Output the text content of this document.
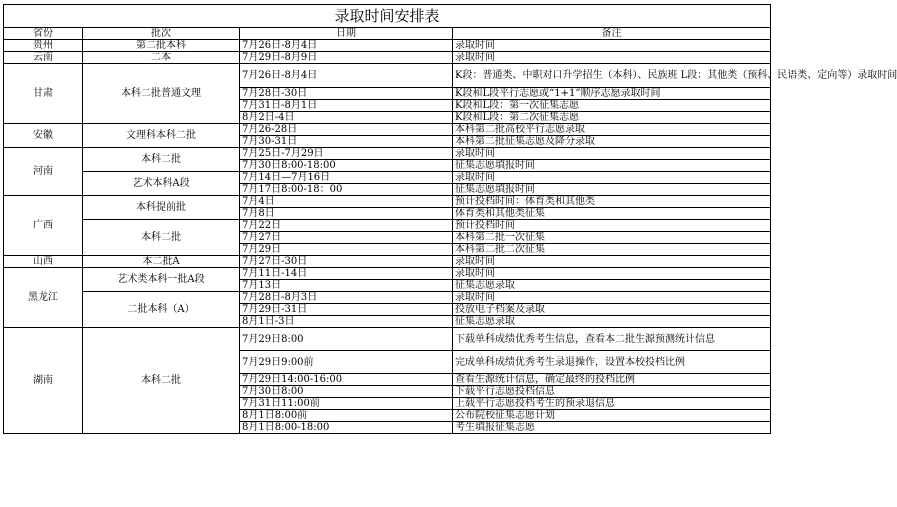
录取时间安排表			
省份	批次	日期	备注
贵州	第二批本科	7月26日-8月4日	录取时间
云南	二本	7月29日-8月9日	录取时间
甘肃	本科二批普通文理	7月26日-8月4日	K段：普通类、中职对口升学招生（本科）、民族班 L段：其他类（预科、民语类、定向等）录取时间
		7月28日-30日	K段和L段平行志愿或“1+1”顺序志愿录取时间
		7月31日-8月1日	K段和L段：第一次征集志愿
		8月2日-4日	K段和L段：第二次征集志愿
安徽	文理科本科二批	7月26-28日	本科第二批高校平行志愿录取
		7月30-31日	本科第二批征集志愿及降分录取
河南	本科二批	7月25日-7月29日	录取时间
		7月30日8:00-18:00	征集志愿填报时间
	艺术本科A段	7月14日—7月16日	录取时间
		7月17日8:00-18：00	征集志愿填报时间
广西	本科提前批	7月4日	预计投档时间：体育类和其他类
		7月8日	体育类和其他类征集
	本科二批	7月22日	预计投档时间
		7月27日	本科第二批一次征集
		7月29日	本科第二批二次征集
山西	本二批A	7月27日-30日	录取时间
黑龙江	艺术类本科一批A段	7月11日-14日	录取时间
		7月13日	征集志愿录取
	二批本科（A）	7月28日-8月3日	录取时间
		7月29日-31日	投放电子档案及录取
		8月1日-3日	征集志愿录取
湖南	本科二批	7月29日8:00	下载单科成绩优秀考生信息，查看本二批生源预测统计信息
		7月29日9:00前	完成单科成绩优秀考生录退操作，设置本校投档比例
		7月29日14:00-16:00	查看生源统计信息，确定最终的投档比例
		7月30日8:00	下载平行志愿投档信息
		7月31日11:00前	上载平行志愿投档考生的预录退信息
		8月1日8:00前	公布院校征集志愿计划
		8月1日8:00-18:00	考生填报征集志愿
